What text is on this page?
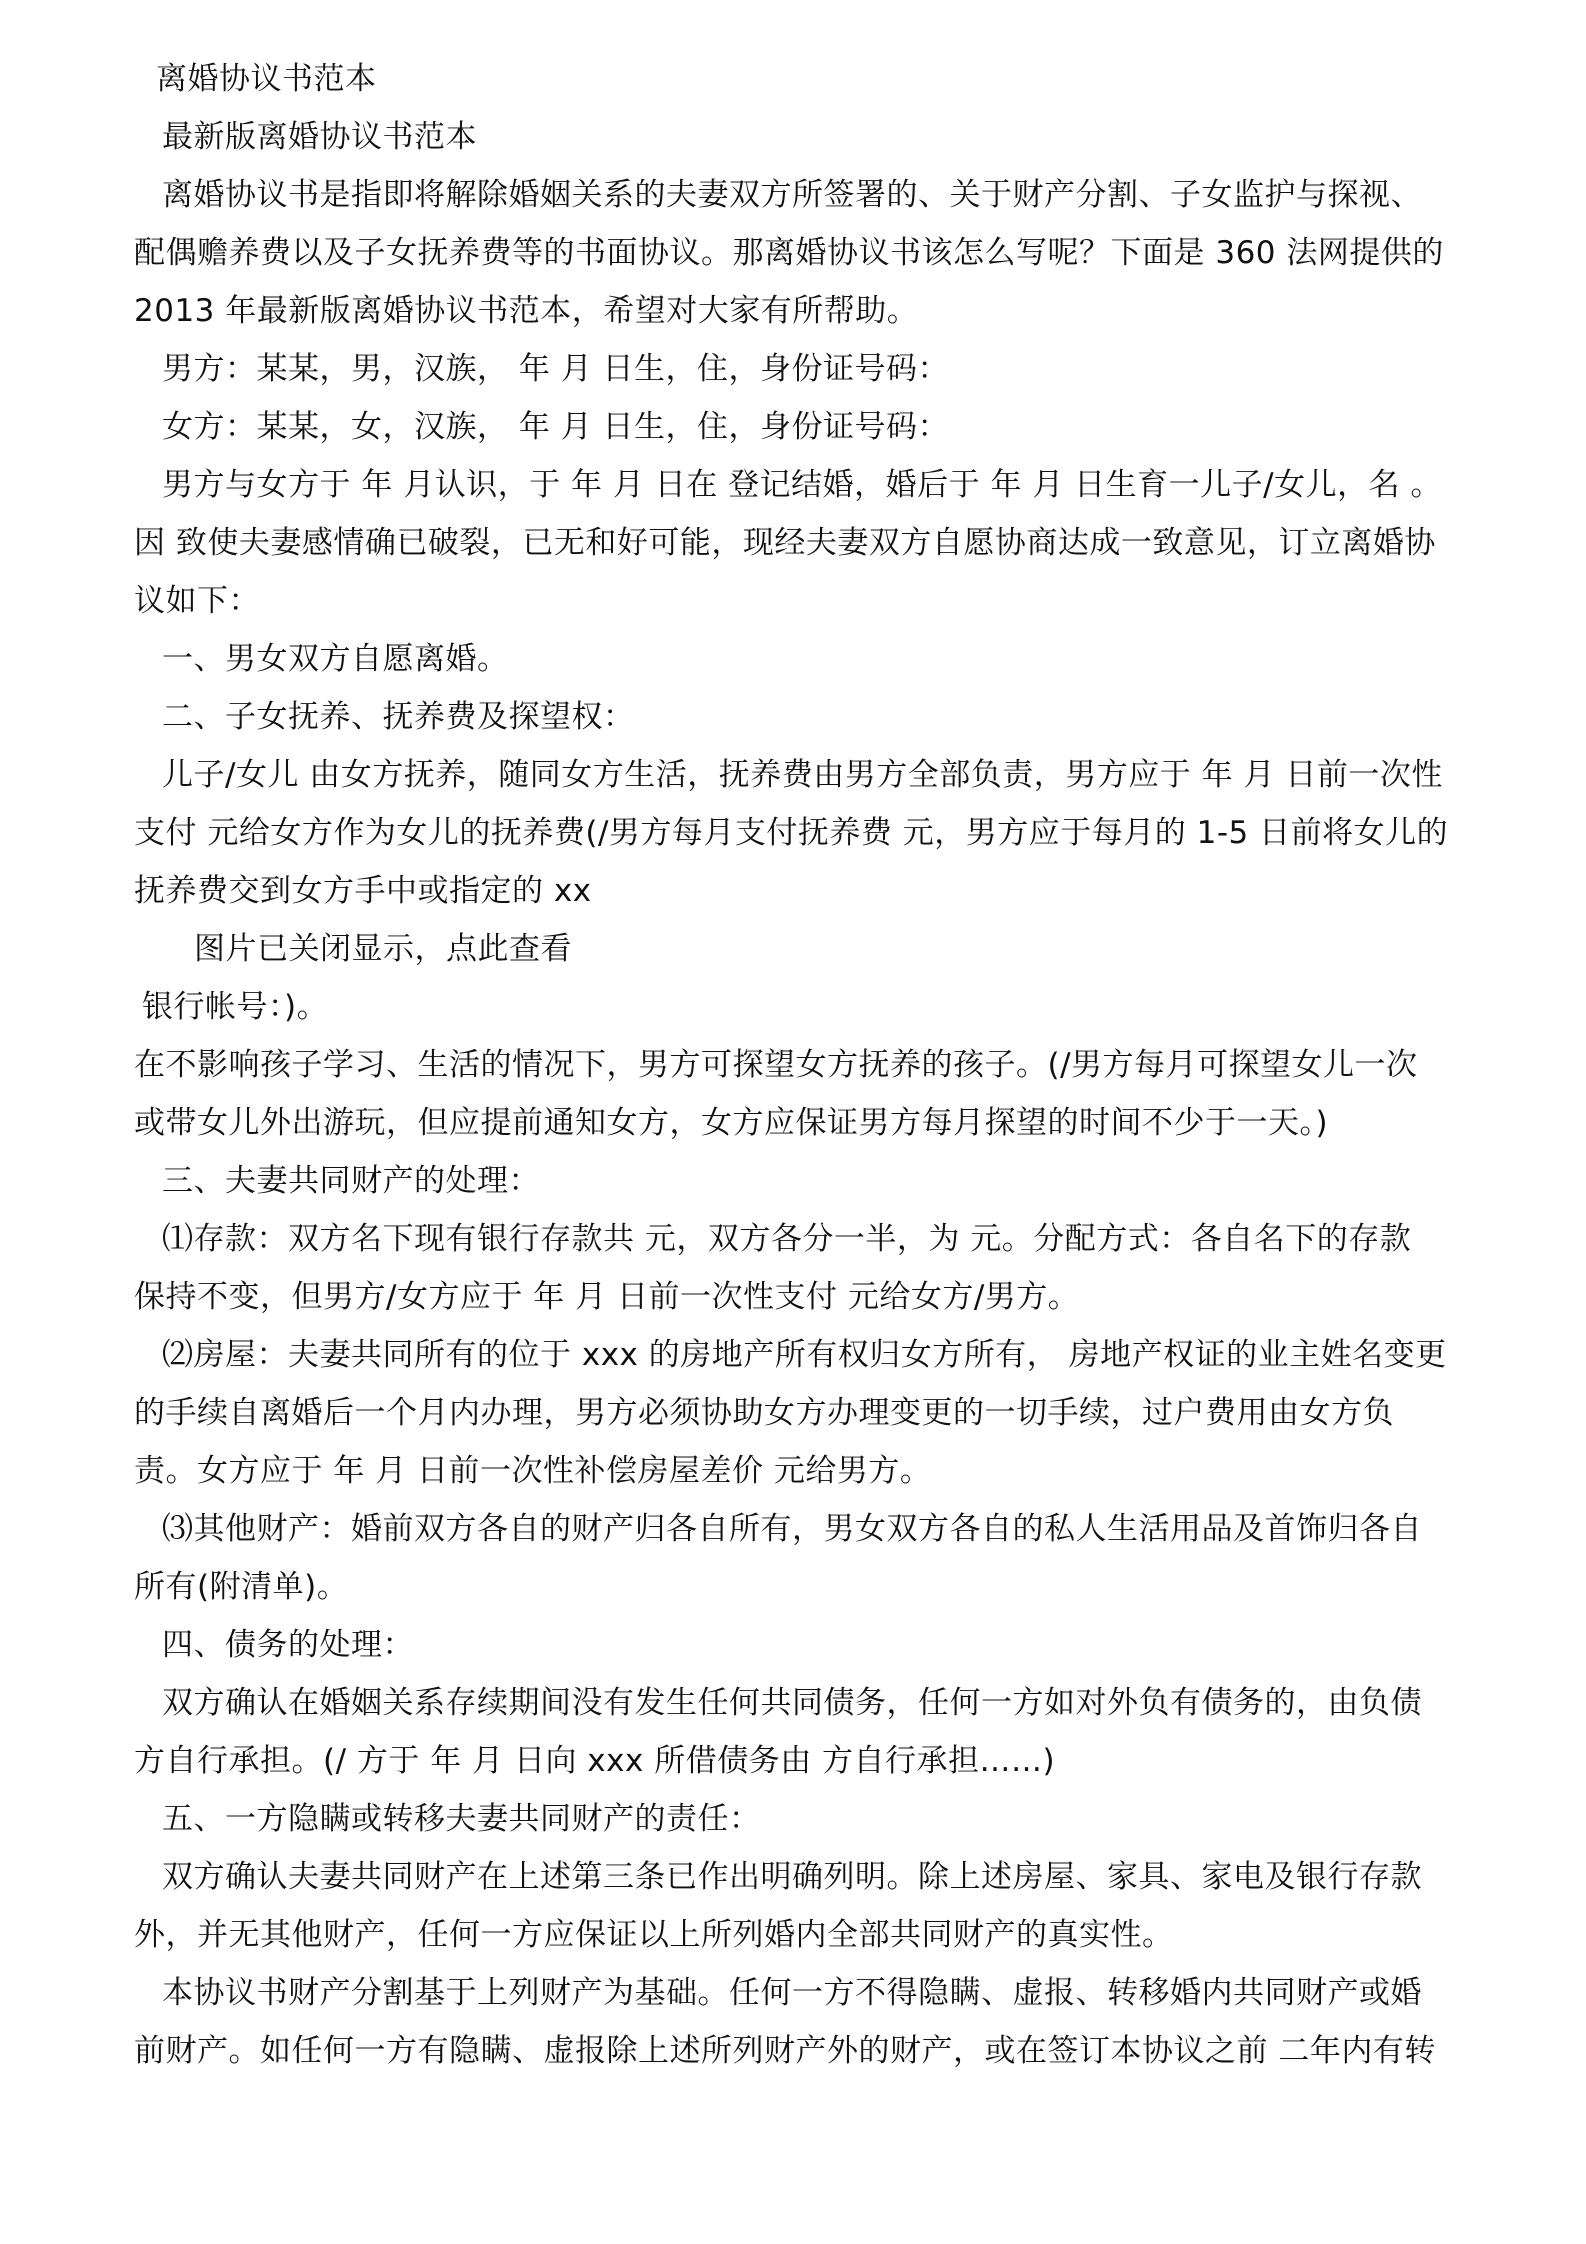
离婚协议书范本
最新版离婚协议书范本
离婚协议书是指即将解除婚姻关系的夫妻双方所签署的、关于财产分割、子女监护与探视、
配偶赡养费以及子女抚养费等的书面协议。那离婚协议书该怎么写呢？下面是 360 法网提供的
2013 年最新版离婚协议书范本，希望对大家有所帮助。
男方：某某，男，汉族， 年 月 日生，住，身份证号码：
女方：某某，女，汉族， 年 月 日生，住，身份证号码：
男方与女方于 年 月认识，于 年 月 日在 登记结婚，婚后于 年 月 日生育一儿子/女儿，名 。
因 致使夫妻感情确已破裂，已无和好可能，现经夫妻双方自愿协商达成一致意见，订立离婚协
议如下：
一、男女双方自愿离婚。
二、子女抚养、抚养费及探望权：
儿子/女儿 由女方抚养，随同女方生活，抚养费由男方全部负责，男方应于 年 月 日前一次性
支付 元给女方作为女儿的抚养费(/男方每月支付抚养费 元，男方应于每月的 1-5 日前将女儿的
抚养费交到女方手中或指定的 xx
图片已关闭显示，点此查看
银行帐号：)。
在不影响孩子学习、生活的情况下，男方可探望女方抚养的孩子。(/男方每月可探望女儿一次
或带女儿外出游玩，但应提前通知女方，女方应保证男方每月探望的时间不少于一天。)
三、夫妻共同财产的处理：
⑴存款：双方名下现有银行存款共 元，双方各分一半，为 元。分配方式：各自名下的存款
保持不变，但男方/女方应于 年 月 日前一次性支付 元给女方/男方。
⑵房屋：夫妻共同所有的位于 xxx 的房地产所有权归女方所有， 房地产权证的业主姓名变更
的手续自离婚后一个月内办理，男方必须协助女方办理变更的一切手续，过户费用由女方负
责。女方应于 年 月 日前一次性补偿房屋差价 元给男方。
⑶其他财产：婚前双方各自的财产归各自所有，男女双方各自的私人生活用品及首饰归各自
所有(附清单)。
四、债务的处理：
双方确认在婚姻关系存续期间没有发生任何共同债务，任何一方如对外负有债务的，由负债
方自行承担。(/ 方于 年 月 日向 xxx 所借债务由 方自行承担……)
五、一方隐瞒或转移夫妻共同财产的责任：
双方确认夫妻共同财产在上述第三条已作出明确列明。除上述房屋、家具、家电及银行存款
外，并无其他财产，任何一方应保证以上所列婚内全部共同财产的真实性。
本协议书财产分割基于上列财产为基础。任何一方不得隐瞒、虚报、转移婚内共同财产或婚
前财产。如任何一方有隐瞒、虚报除上述所列财产外的财产，或在签订本协议之前 二年内有转
